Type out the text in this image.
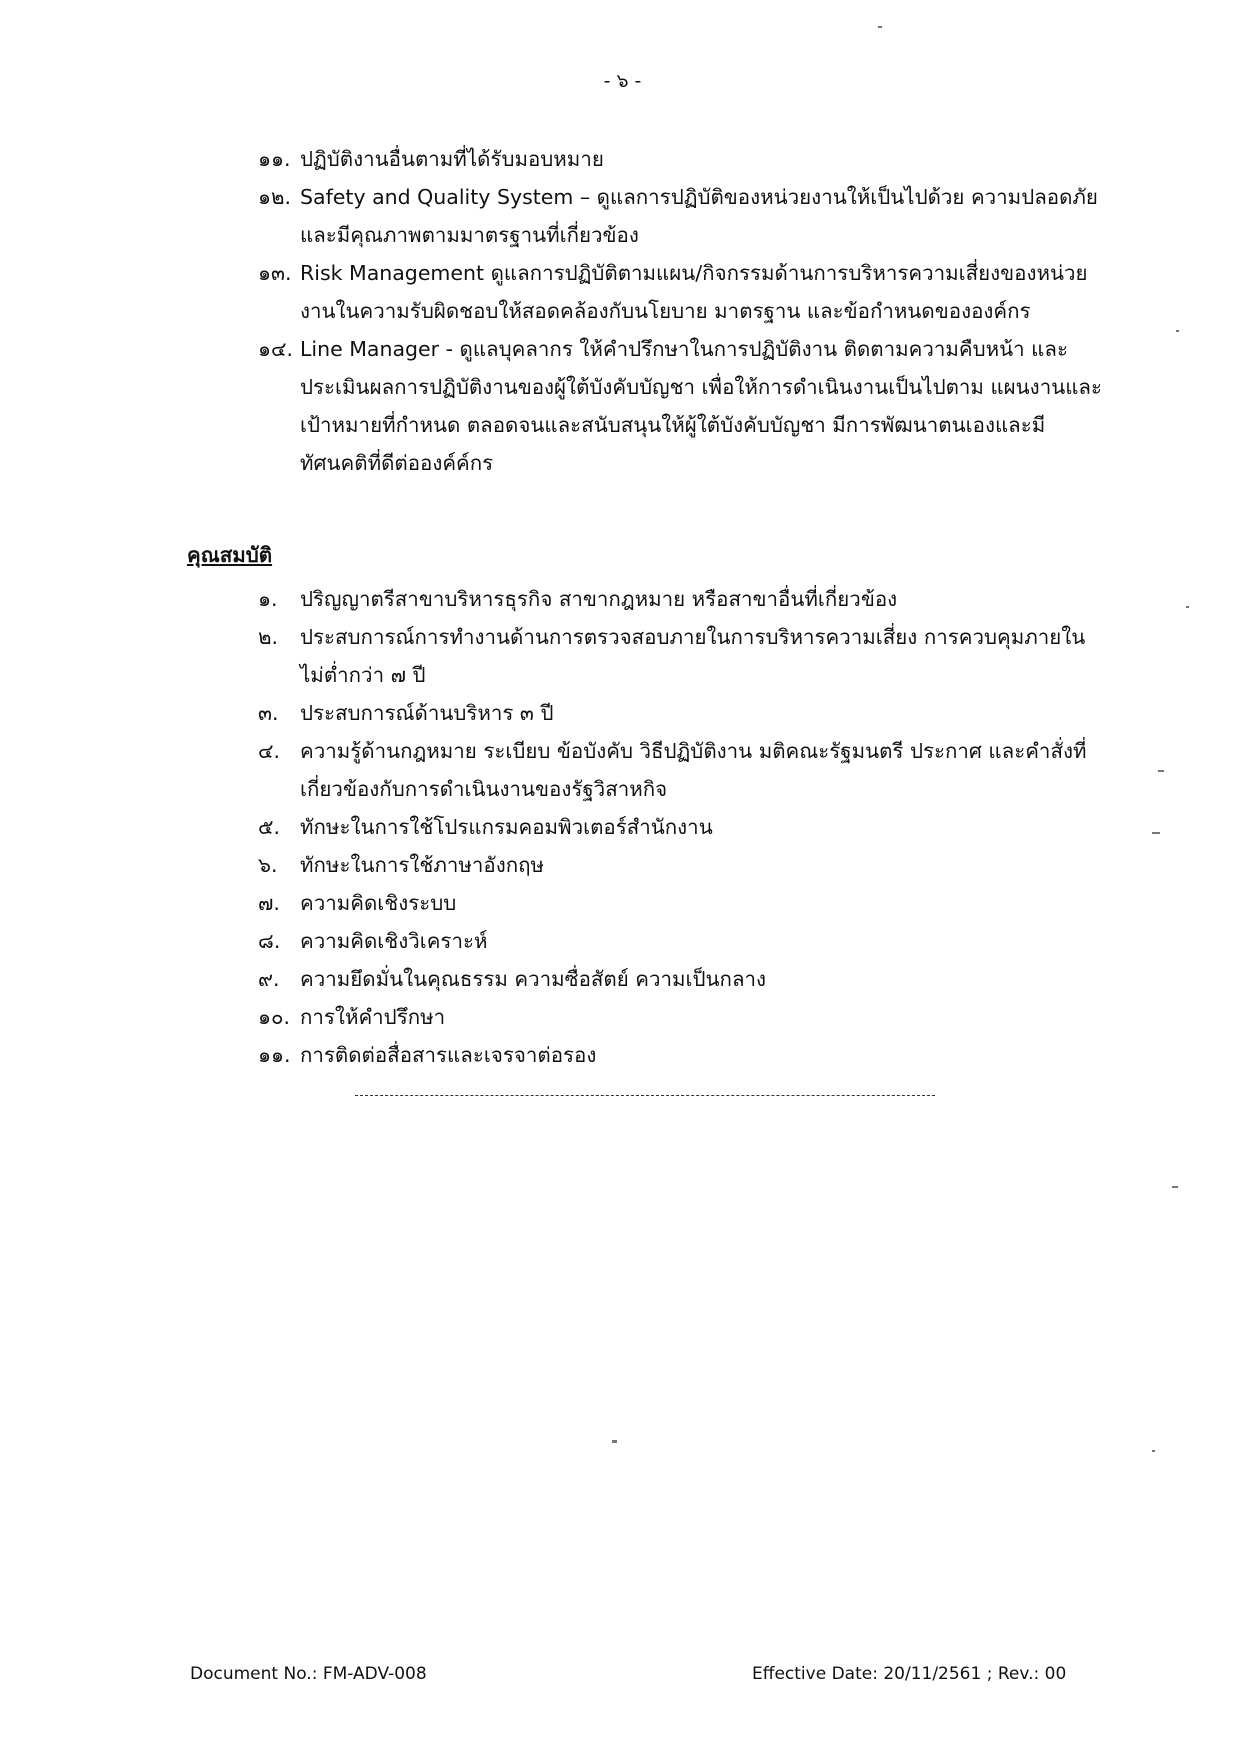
- ๖ -
๑๑. ปฏิบัติงานอื่นตามที่ได้รับมอบหมาย
๑๒. Safety and Quality System – ดูแลการปฏิบัติของหน่วยงานให้เป็นไปด้วย ความปลอดภัยและมีคุณภาพตามมาตรฐานที่เกี่ยวข้อง
๑๓. Risk Management ดูแลการปฏิบัติตามแผน/กิจกรรมด้านการบริหารความเสี่ยงของหน่วยงานในความรับผิดชอบให้สอดคล้องกับนโยบาย มาตรฐาน และข้อกำหนดขององค์กร
๑๔. Line Manager - ดูแลบุคลากร ให้คำปรึกษาในการปฏิบัติงาน ติดตามความคืบหน้า และประเมินผลการปฏิบัติงานของผู้ใต้บังคับบัญชา เพื่อให้การดำเนินงานเป็นไปตาม แผนงานและเป้าหมายที่กำหนด ตลอดจนและสนับสนุนให้ผู้ใต้บังคับบัญชา มีการพัฒนาตนเองและมีทัศนคติที่ดีต่อองค์ค์กร
คุณสมบัติ
๑. ปริญญาตรีสาขาบริหารธุรกิจ สาขากฎหมาย หรือสาขาอื่นที่เกี่ยวข้อง
๒. ประสบการณ์การทำงานด้านการตรวจสอบภายในการบริหารความเสี่ยง การควบคุมภายในไม่ต่ำกว่า ๗ ปี
๓. ประสบการณ์ด้านบริหาร ๓ ปี
๔. ความรู้ด้านกฎหมาย ระเบียบ ข้อบังคับ วิธีปฏิบัติงาน มติคณะรัฐมนตรี ประกาศ และคำสั่งที่เกี่ยวข้องกับการดำเนินงานของรัฐวิสาหกิจ
๕. ทักษะในการใช้โปรแกรมคอมพิวเตอร์สำนักงาน
๖. ทักษะในการใช้ภาษาอังกฤษ
๗. ความคิดเชิงระบบ
๘. ความคิดเชิงวิเคราะห์
๙. ความยึดมั่นในคุณธรรม ความซื่อสัตย์ ความเป็นกลาง
๑๐. การให้คำปรึกษา
๑๑. การติดต่อสื่อสารและเจรจาต่อรอง
Document No.: FM-ADV-008	Effective Date: 20/11/2561 ; Rev.: 00
